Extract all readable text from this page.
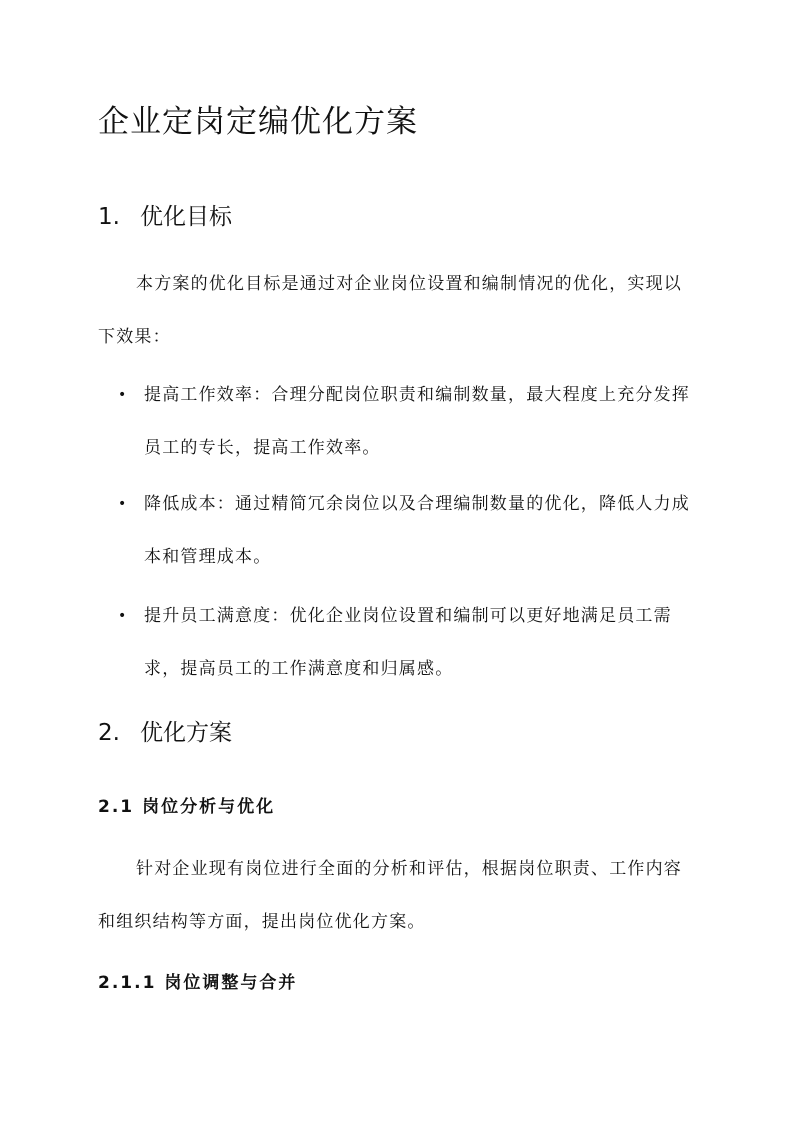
企业定岗定编优化方案
1. 优化目标

本方案的优化目标是通过对企业岗位设置和编制情况的优化，实现以下效果：

• 提高工作效率：合理分配岗位职责和编制数量，最大程度上充分发挥员工的专长，提高工作效率。
• 降低成本：通过精简冗余岗位以及合理编制数量的优化，降低人力成本和管理成本。
• 提升员工满意度：优化企业岗位设置和编制可以更好地满足员工需求，提高员工的工作满意度和归属感。
2. 优化方案
2.1 岗位分析与优化

针对企业现有岗位进行全面的分析和评估，根据岗位职责、工作内容和组织结构等方面，提出岗位优化方案。

2.1.1 岗位调整与合并
